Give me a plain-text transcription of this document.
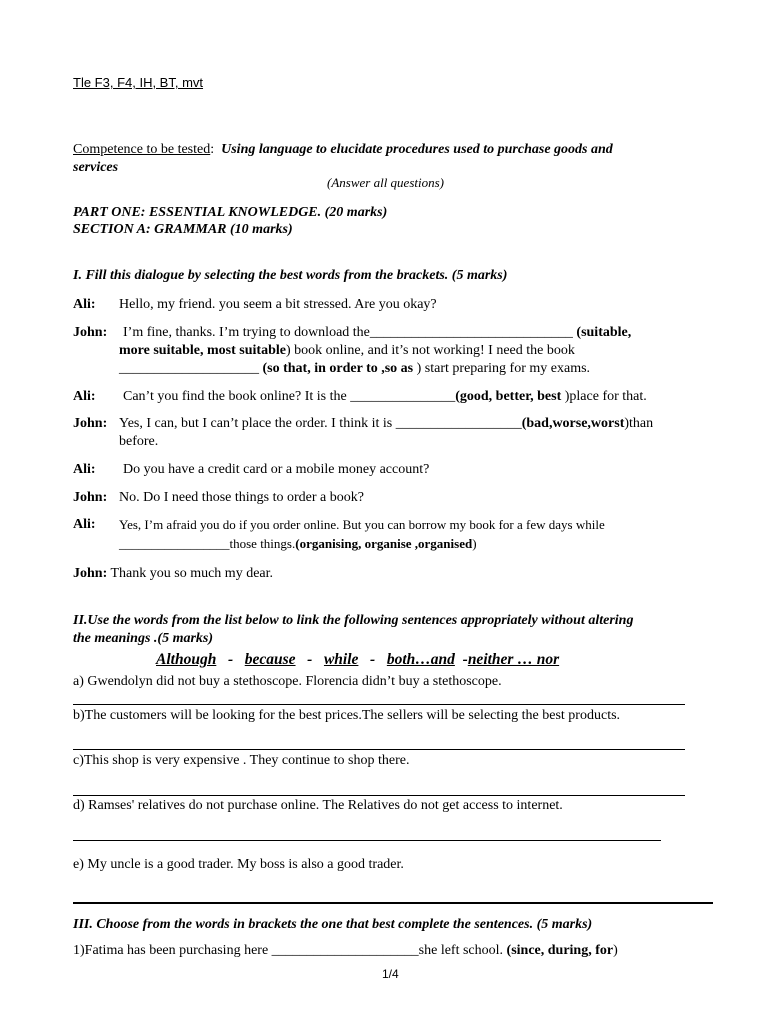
Tle F3, F4, IH, BT, mvt
Competence to be tested: Using language to elucidate procedures used to purchase goods and
services
(Answer all questions)
PART ONE: ESSENTIAL KNOWLEDGE. (20 marks)
SECTION A: GRAMMAR (10 marks)
I. Fill this dialogue by selecting the best words from the brackets. (5 marks)
Ali: Hello, my friend. you seem a bit stressed. Are you okay?
John: I’m fine, thanks. I’m trying to download the_____________________________ (suitable,
more suitable, most suitable) book online, and it’s not working! I need the book
____________________ (so that, in order to ,so as ) start preparing for my exams.
Ali: Can’t you find the book online? It is the _______________(good, better, best )place for that.
John: Yes, I can, but I can’t place the order. I think it is __________________(bad,worse,worst)than
before.
Ali: Do you have a credit card or a mobile money account?
John: No. Do I need those things to order a book?
Ali: Yes, I’m afraid you do if you order online. But you can borrow my book for a few days while
_________________those things.(organising, organise ,organised)
John: Thank you so much my dear.
II.Use the words from the list below to link the following sentences appropriately without altering
the meanings .(5 marks)
Although - because - while - both…and -neither … nor
a) Gwendolyn did not buy a stethoscope. Florencia didn’t buy a stethoscope.
b)The customers will be looking for the best prices.The sellers will be selecting the best products.
c)This shop is very expensive . They continue to shop there.
d) Ramses' relatives do not purchase online. The Relatives do not get access to internet.
e) My uncle is a good trader. My boss is also a good trader.
III. Choose from the words in brackets the one that best complete the sentences. (5 marks)
1)Fatima has been purchasing here _____________________she left school. (since, during, for)
1/4
